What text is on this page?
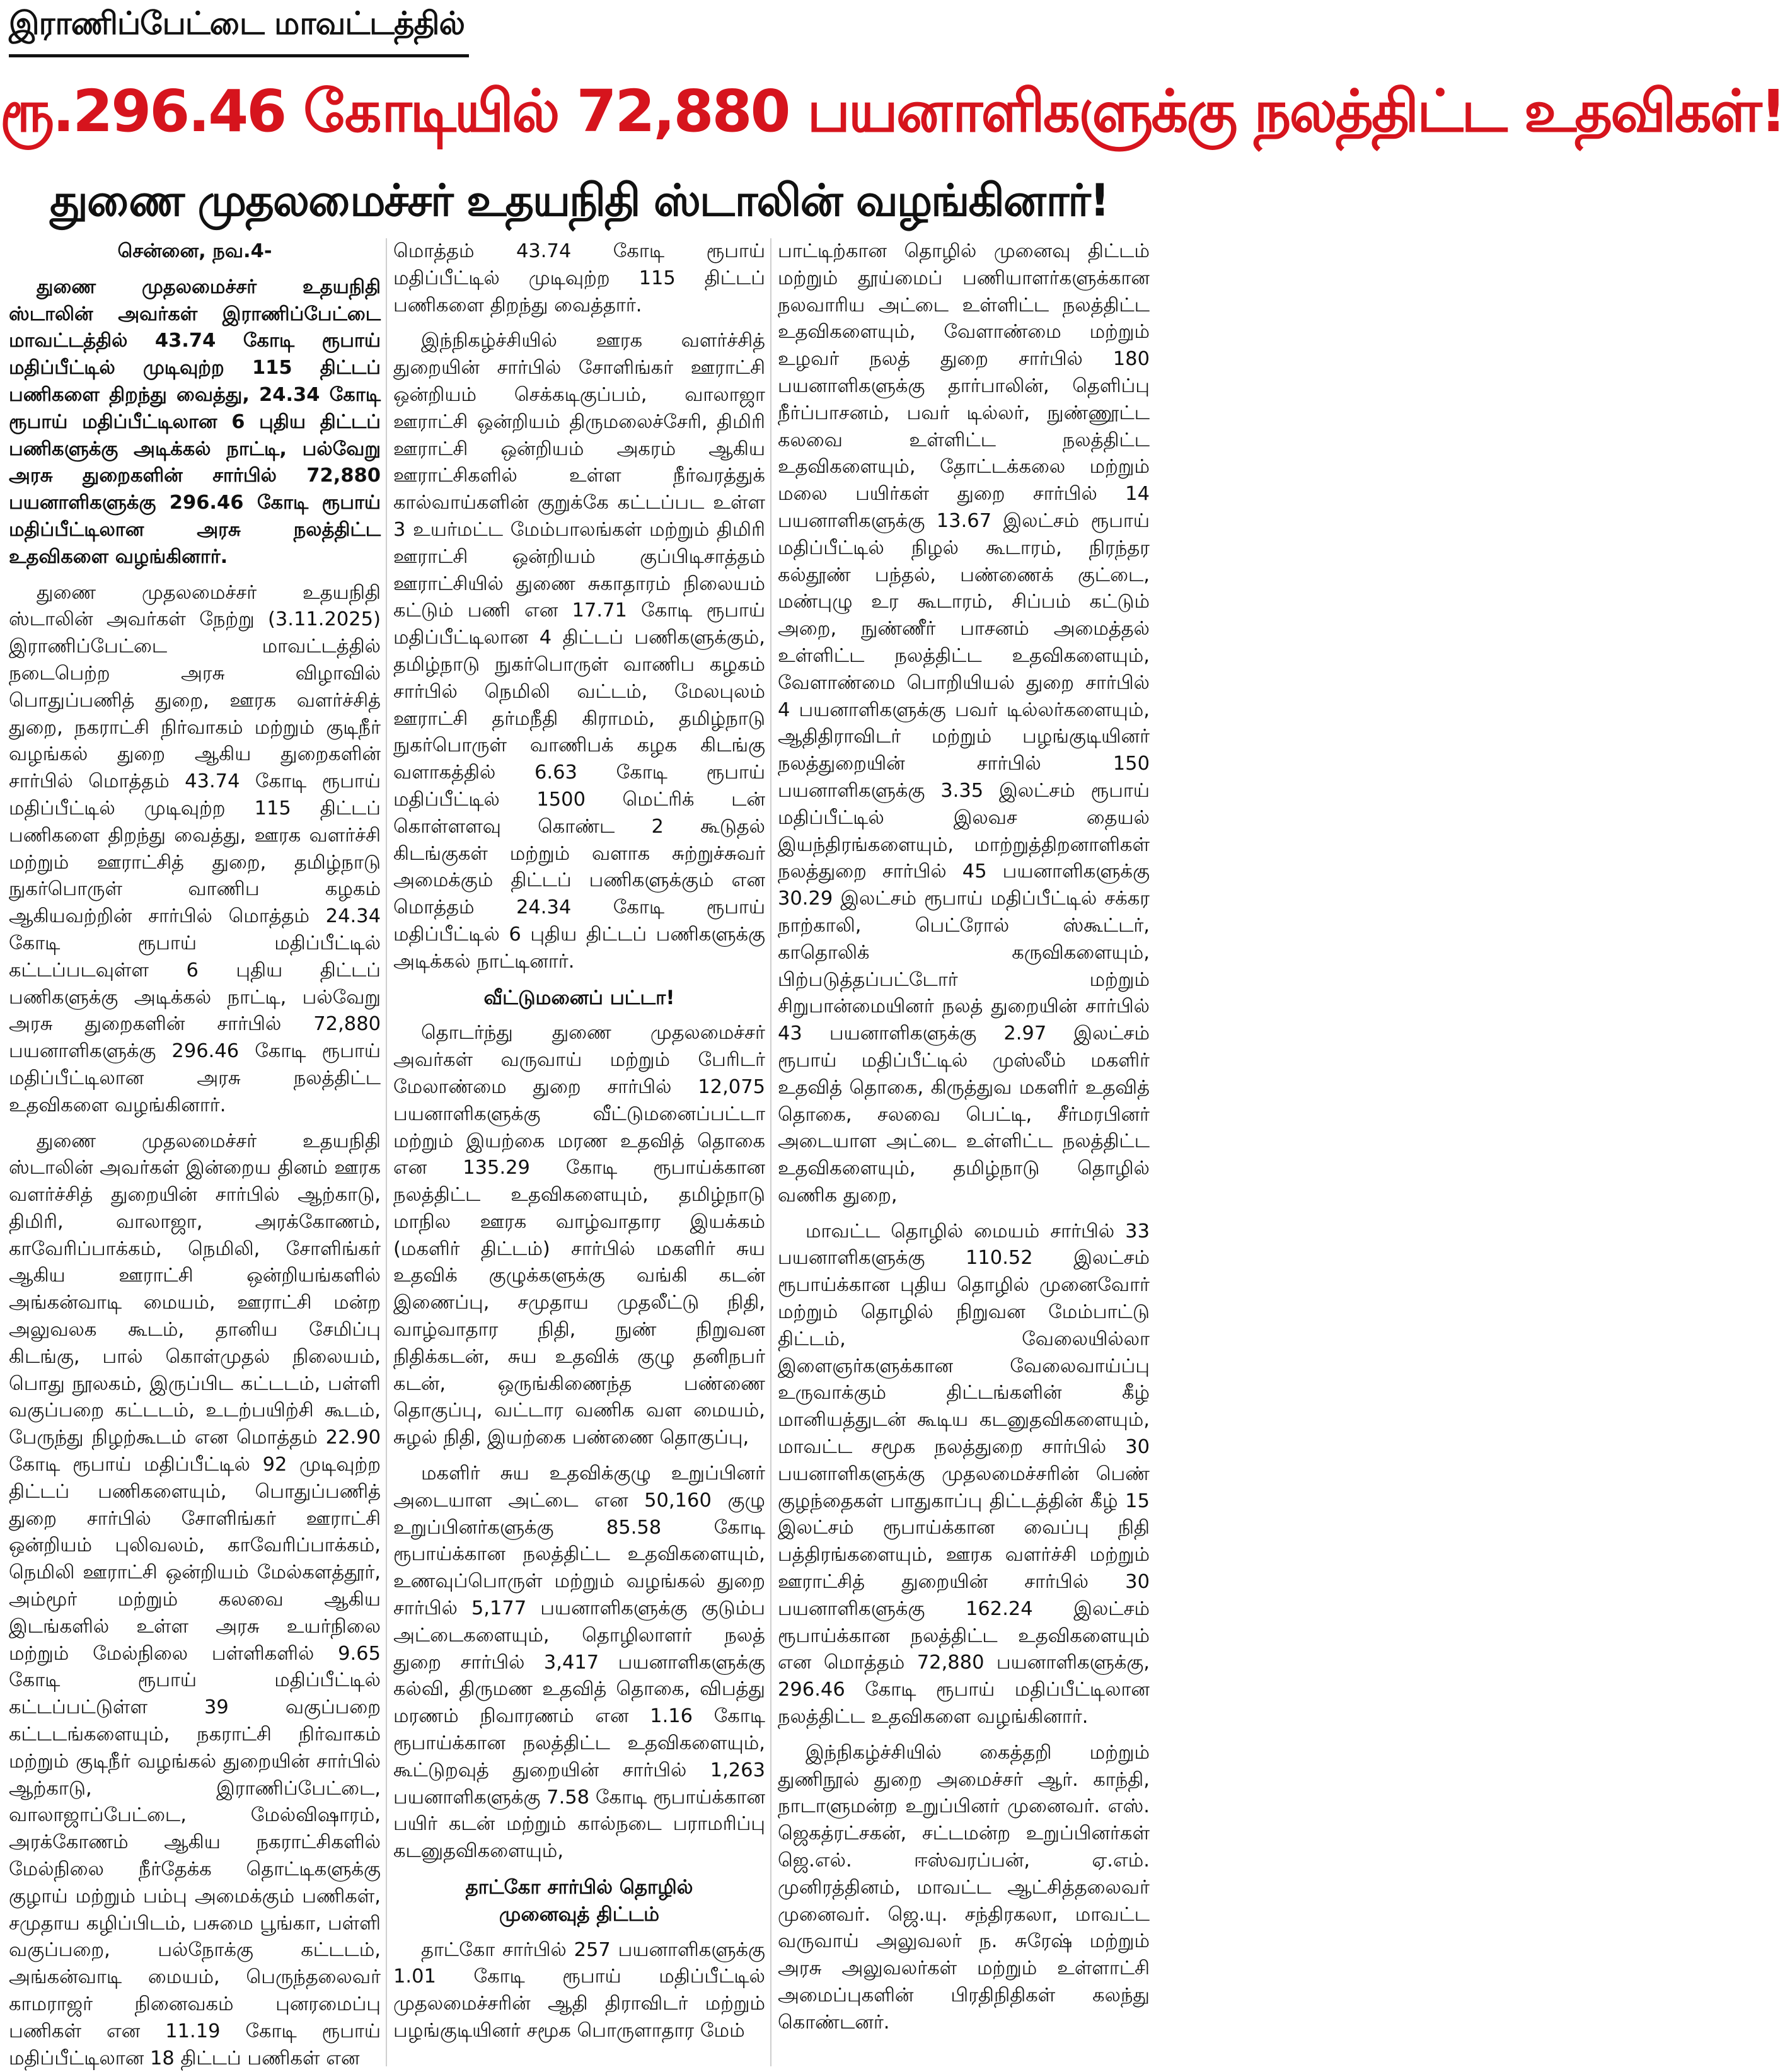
இராணிப்பேட்டை மாவட்டத்தில்
ரூ.296.46 கோடியில் 72,880 பயனாளிகளுக்கு நலத்திட்ட உதவிகள்!
துணை முதலமைச்சர் உதயநிதி ஸ்டாலின் வழங்கினார்!

சென்னை, நவ.4-

துணை முதலமைச்சர் உதயநிதி ஸ்டாலின் அவர்கள் இராணிப்பேட்டை மாவட்டத்தில் 43.74 கோடி ரூபாய் மதிப்பீட்டில் முடிவுற்ற 115 திட்டப் பணிகளை திறந்து வைத்து, 24.34 கோடி ரூபாய் மதிப்பீட்டிலான 6 புதிய திட்டப் பணிகளுக்கு அடிக்கல் நாட்டி, பல்வேறு அரசு துறைகளின் சார்பில் 72,880 பயனாளிகளுக்கு 296.46 கோடி ரூபாய் மதிப்பீட்டிலான அரசு நலத்திட்ட உதவிகளை வழங்கினார்.

துணை முதலமைச்சர் உதயநிதி ஸ்டாலின் அவர்கள் நேற்று (3.11.2025) இராணிப்பேட்டை மாவட்டத்தில் நடைபெற்ற அரசு விழாவில் பொதுப்பணித் துறை, ஊரக வளர்ச்சித் துறை, நகராட்சி நிர்வாகம் மற்றும் குடிநீர் வழங்கல் துறை ஆகிய துறைகளின் சார்பில் மொத்தம் 43.74 கோடி ரூபாய் மதிப்பீட்டில் முடிவுற்ற 115 திட்டப் பணிகளை திறந்து வைத்து, ஊரக வளர்ச்சி மற்றும் ஊராட்சித் துறை, தமிழ்நாடு நுகர்பொருள் வாணிப கழகம் ஆகியவற்றின் சார்பில் மொத்தம் 24.34 கோடி ரூபாய் மதிப்பீட்டில் கட்டப்படவுள்ள 6 புதிய திட்டப் பணிகளுக்கு அடிக்கல் நாட்டி, பல்வேறு அரசு துறைகளின் சார்பில் 72,880 பயனாளிகளுக்கு 296.46 கோடி ரூபாய் மதிப்பீட்டிலான அரசு நலத்திட்ட உதவிகளை வழங்கினார்.

துணை முதலமைச்சர் உதயநிதி ஸ்டாலின் அவர்கள் இன்றைய தினம் ஊரக வளர்ச்சித் துறையின் சார்பில் ஆற்காடு, திமிரி, வாலாஜா, அரக்கோணம், காவேரிப்பாக்கம், நெமிலி, சோளிங்கர் ஆகிய ஊராட்சி ஒன்றியங்களில் அங்கன்வாடி மையம், ஊராட்சி மன்ற அலுவலக கூடம், தானிய சேமிப்பு கிடங்கு, பால் கொள்முதல் நிலையம், பொது நூலகம், இருப்பிட கட்டடம், பள்ளி வகுப்பறை கட்டடம், உடற்பயிற்சி கூடம், பேருந்து நிழற்கூடம் என மொத்தம் 22.90 கோடி ரூபாய் மதிப்பீட்டில் 92 முடிவுற்ற திட்டப் பணிகளையும், பொதுப்பணித் துறை சார்பில் சோளிங்கர் ஊராட்சி ஒன்றியம் புலிவலம், காவேரிப்பாக்கம், நெமிலி ஊராட்சி ஒன்றியம் மேல்களத்தூர், அம்மூர் மற்றும் கலவை ஆகிய இடங்களில் உள்ள அரசு உயர்நிலை மற்றும் மேல்நிலை பள்ளிகளில் 9.65 கோடி ரூபாய் மதிப்பீட்டில் கட்டப்பட்டுள்ள 39 வகுப்பறை கட்டடங்களையும், நகராட்சி நிர்வாகம் மற்றும் குடிநீர் வழங்கல் துறையின் சார்பில் ஆற்காடு, இராணிப்பேட்டை, வாலாஜாப்பேட்டை, மேல்விஷாரம், அரக்கோணம் ஆகிய நகராட்சிகளில் மேல்நிலை நீர்தேக்க தொட்டிகளுக்கு குழாய் மற்றும் பம்பு அமைக்கும் பணிகள், சமுதாய கழிப்பிடம், பசுமை பூங்கா, பள்ளி வகுப்பறை, பல்நோக்கு கட்டடம், அங்கன்வாடி மையம், பெருந்தலைவர் காமராஜர் நினைவகம் புனரமைப்பு பணிகள் என 11.19 கோடி ரூபாய் மதிப்பீட்டிலான 18 திட்டப் பணிகள் என

மொத்தம் 43.74 கோடி ரூபாய் மதிப்பீட்டில் முடிவுற்ற 115 திட்டப் பணிகளை திறந்து வைத்தார்.

இந்நிகழ்ச்சியில் ஊரக வளர்ச்சித் துறையின் சார்பில் சோளிங்கர் ஊராட்சி ஒன்றியம் செக்கடிகுப்பம், வாலாஜா ஊராட்சி ஒன்றியம் திருமலைச்சேரி, திமிரி ஊராட்சி ஒன்றியம் அகரம் ஆகிய ஊராட்சிகளில் உள்ள நீர்வரத்துக் கால்வாய்களின் குறுக்கே கட்டப்பட உள்ள 3 உயர்மட்ட மேம்பாலங்கள் மற்றும் திமிரி ஊராட்சி ஒன்றியம் குப்பிடிசாத்தம் ஊராட்சியில் துணை சுகாதாரம் நிலையம் கட்டும் பணி என 17.71 கோடி ரூபாய் மதிப்பீட்டிலான 4 திட்டப் பணிகளுக்கும், தமிழ்நாடு நுகர்பொருள் வாணிப கழகம் சார்பில் நெமிலி வட்டம், மேலபுலம் ஊராட்சி தர்மநீதி கிராமம், தமிழ்நாடு நுகர்பொருள் வாணிபக் கழக கிடங்கு வளாகத்தில் 6.63 கோடி ரூபாய் மதிப்பீட்டில் 1500 மெட்ரிக் டன் கொள்ளளவு கொண்ட 2 கூடுதல் கிடங்குகள் மற்றும் வளாக சுற்றுச்சுவர் அமைக்கும் திட்டப் பணிகளுக்கும் என மொத்தம் 24.34 கோடி ரூபாய் மதிப்பீட்டில் 6 புதிய திட்டப் பணிகளுக்கு அடிக்கல் நாட்டினார்.

வீட்டுமனைப் பட்டா!

தொடர்ந்து துணை முதலமைச்சர் அவர்கள் வருவாய் மற்றும் பேரிடர் மேலாண்மை துறை சார்பில் 12,075 பயனாளிகளுக்கு வீட்டுமனைப்பட்டா மற்றும் இயற்கை மரண உதவித் தொகை என 135.29 கோடி ரூபாய்க்கான நலத்திட்ட உதவிகளையும், தமிழ்நாடு மாநில ஊரக வாழ்வாதார இயக்கம் (மகளிர் திட்டம்) சார்பில் மகளிர் சுய உதவிக் குழுக்களுக்கு வங்கி கடன் இணைப்பு, சமுதாய முதலீட்டு நிதி, வாழ்வாதார நிதி, நுண் நிறுவன நிதிக்கடன், சுய உதவிக் குழு தனிநபர் கடன், ஒருங்கிணைந்த பண்ணை தொகுப்பு, வட்டார வணிக வள மையம், சுழல் நிதி, இயற்கை பண்ணை தொகுப்பு,

மகளிர் சுய உதவிக்குழு உறுப்பினர் அடையாள அட்டை என 50,160 குழு உறுப்பினர்களுக்கு 85.58 கோடி ரூபாய்க்கான நலத்திட்ட உதவிகளையும், உணவுப்பொருள் மற்றும் வழங்கல் துறை சார்பில் 5,177 பயனாளிகளுக்கு குடும்ப அட்டைகளையும், தொழிலாளர் நலத் துறை சார்பில் 3,417 பயனாளிகளுக்கு கல்வி, திருமண உதவித் தொகை, விபத்து மரணம் நிவாரணம் என 1.16 கோடி ரூபாய்க்கான நலத்திட்ட உதவிகளையும், கூட்டுறவுத் துறையின் சார்பில் 1,263 பயனாளிகளுக்கு 7.58 கோடி ரூபாய்க்கான பயிர் கடன் மற்றும் கால்நடை பராமரிப்பு கடனுதவிகளையும்,

தாட்கோ சார்பில் தொழில்

முனைவுத் திட்டம்

தாட்கோ சார்பில் 257 பயனாளிகளுக்கு 1.01 கோடி ரூபாய் மதிப்பீட்டில் முதலமைச்சரின் ஆதி திராவிடர் மற்றும் பழங்குடியினர் சமூக பொருளாதார மேம்

பாட்டிற்கான தொழில் முனைவு திட்டம் மற்றும் தூய்மைப் பணியாளர்களுக்கான நலவாரிய அட்டை உள்ளிட்ட நலத்திட்ட உதவிகளையும், வேளாண்மை மற்றும் உழவர் நலத் துறை சார்பில் 180 பயனாளிகளுக்கு தார்பாலின், தெளிப்பு நீர்ப்பாசனம், பவர் டில்லர், நுண்ணூட்ட கலவை உள்ளிட்ட நலத்திட்ட உதவிகளையும், தோட்டக்கலை மற்றும் மலை பயிர்கள் துறை சார்பில் 14 பயனாளிகளுக்கு 13.67 இலட்சம் ரூபாய் மதிப்பீட்டில் நிழல் கூடாரம், நிரந்தர கல்தூண் பந்தல், பண்ணைக் குட்டை, மண்புழு உர கூடாரம், சிப்பம் கட்டும் அறை, நுண்ணீர் பாசனம் அமைத்தல் உள்ளிட்ட நலத்திட்ட உதவிகளையும், வேளாண்மை பொறியியல் துறை சார்பில் 4 பயனாளிகளுக்கு பவர் டில்லர்களையும், ஆதிதிராவிடர் மற்றும் பழங்குடியினர் நலத்துறையின் சார்பில் 150 பயனாளிகளுக்கு 3.35 இலட்சம் ரூபாய் மதிப்பீட்டில் இலவச தையல் இயந்திரங்களையும், மாற்றுத்திறனாளிகள் நலத்துறை சார்பில் 45 பயனாளிகளுக்கு 30.29 இலட்சம் ரூபாய் மதிப்பீட்டில் சக்கர நாற்காலி, பெட்ரோல் ஸ்கூட்டர், காதொலிக் கருவிகளையும், பிற்படுத்தப்பட்டோர் மற்றும் சிறுபான்மையினர் நலத் துறையின் சார்பில் 43 பயனாளிகளுக்கு 2.97 இலட்சம் ரூபாய் மதிப்பீட்டில் முஸ்லீம் மகளிர் உதவித் தொகை, கிருத்துவ மகளிர் உதவித் தொகை, சலவை பெட்டி, சீர்மரபினர் அடையாள அட்டை உள்ளிட்ட நலத்திட்ட உதவிகளையும், தமிழ்நாடு தொழில் வணிக துறை,

மாவட்ட தொழில் மையம் சார்பில் 33 பயனாளிகளுக்கு 110.52 இலட்சம் ரூபாய்க்கான புதிய தொழில் முனைவோர் மற்றும் தொழில் நிறுவன மேம்பாட்டு திட்டம், வேலையில்லா இளைஞர்களுக்கான வேலைவாய்ப்பு உருவாக்கும் திட்டங்களின் கீழ் மானியத்துடன் கூடிய கடனுதவிகளையும், மாவட்ட சமூக நலத்துறை சார்பில் 30 பயனாளிகளுக்கு முதலமைச்சரின் பெண் குழந்தைகள் பாதுகாப்பு திட்டத்தின் கீழ் 15 இலட்சம் ரூபாய்க்கான வைப்பு நிதி பத்திரங்களையும், ஊரக வளர்ச்சி மற்றும் ஊராட்சித் துறையின் சார்பில் 30 பயனாளிகளுக்கு 162.24 இலட்சம் ரூபாய்க்கான நலத்திட்ட உதவிகளையும் என மொத்தம் 72,880 பயனாளிகளுக்கு, 296.46 கோடி ரூபாய் மதிப்பீட்டிலான நலத்திட்ட உதவிகளை வழங்கினார்.

இந்நிகழ்ச்சியில் கைத்தறி மற்றும் துணிநூல் துறை அமைச்சர் ஆர். காந்தி, நாடாளுமன்ற உறுப்பினர் முனைவர். எஸ். ஜெகத்ரட்சகன், சட்டமன்ற உறுப்பினர்கள் ஜெ.எல். ஈஸ்வரப்பன், ஏ.எம். முனிரத்தினம், மாவட்ட ஆட்சித்தலைவர் முனைவர். ஜெ.யு. சந்திரகலா, மாவட்ட வருவாய் அலுவலர் ந. சுரேஷ் மற்றும் அரசு அலுவலர்கள் மற்றும் உள்ளாட்சி அமைப்புகளின் பிரதிநிதிகள் கலந்து கொண்டனர்.
